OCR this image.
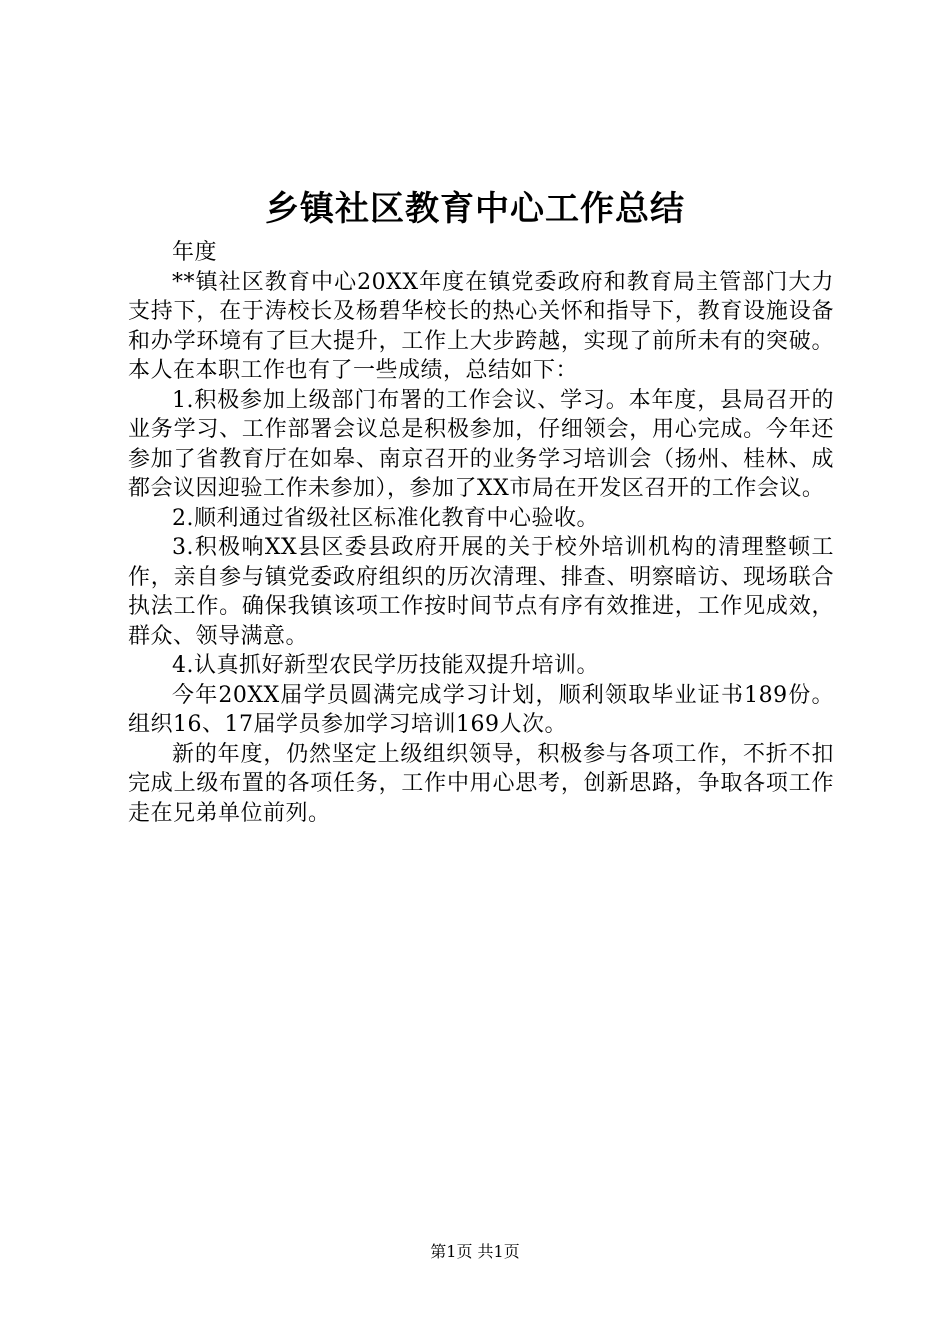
乡镇社区教育中心工作总结

年度

**镇社区教育中心20XX年度在镇党委政府和教育局主管部门大力支持下，在于涛校长及杨碧华校长的热心关怀和指导下，教育设施设备和办学环境有了巨大提升，工作上大步跨越，实现了前所未有的突破。本人在本职工作也有了一些成绩，总结如下：

1.积极参加上级部门布署的工作会议、学习。本年度，县局召开的业务学习、工作部署会议总是积极参加，仔细领会，用心完成。今年还参加了省教育厅在如皋、南京召开的业务学习培训会（扬州、桂林、成都会议因迎验工作未参加），参加了XX市局在开发区召开的工作会议。

2.顺利通过省级社区标准化教育中心验收。

3.积极响XX县区委县政府开展的关于校外培训机构的清理整顿工作，亲自参与镇党委政府组织的历次清理、排查、明察暗访、现场联合执法工作。确保我镇该项工作按时间节点有序有效推进，工作见成效，群众、领导满意。

4.认真抓好新型农民学历技能双提升培训。

今年20XX届学员圆满完成学习计划，顺利领取毕业证书189份。组织16、17届学员参加学习培训169人次。

新的年度，仍然坚定上级组织领导，积极参与各项工作，不折不扣完成上级布置的各项任务，工作中用心思考，创新思路，争取各项工作走在兄弟单位前列。

第1页 共1页
